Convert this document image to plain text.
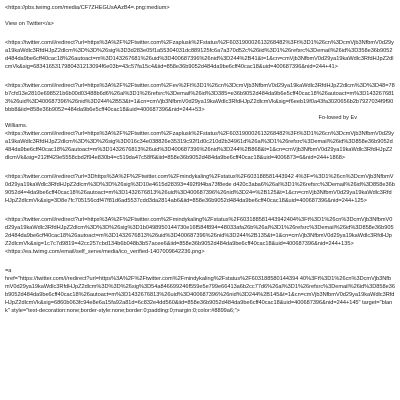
<https://pbs.twimg.com/media/CF7ZHEGUsAAzB4=.png:medium>
View on Twitter</a>
<https://twitter.com/i/redirect?url=https%3A%2F%2Ftwitter.com%2Fzaplusk%2Fstatus%2F603190002613268482%3Ft%3D1%26cn%3DcmVjb3NfbmV0d29ya19kaWdlc3RfdHJpZ2dlcm%3D%3D%26sig%3D3d283e05f1a55304031dc889125fc6a7a370d52c%26iid%3D1%26refsrc%3Demail%26id%3D358e36b9052d484da9be6cff40cac18%26autoact=m%3D143267681%26uid%3D400687396%26nid%3D244%2B41&t=1&cn=cmVjb3NfbmV0d29ya19kaWdlc3RfdHJpZ2dlcmVk&sig=6834165317980431213094f6e03b=43c57fa15c4&iid=858e36b9052d484da9be6cff40cac18&uid=400687396&nid=244+41>
<https://twitter.com/i/redirect?url=https%3A%2F%2Ftwitter.com%2Fev%2Ft%3D1%26cn%3DcmVjb3NfbmV0d29ya19kaWdlc3RfdHJpZ2dlcm%3D%3D48=78b7cfd13e2810e698521b6b00d03488b6d6%26al%3D1%26refsrc%3Demail%26id%3D385=e36b9052d484da9b6e5cff40cac18%26autoact=m%3D1432676813%26uid%3D400687396%26nid%3D244%2B53&t=1&cn=cmVjb3NfbmV0d29ya19kaWdlc3RfdHJpZ2dlcmVk&sig=f6eeb19f0a43fa3020656b2b7927034f9f90bbb8&iid=858e36b9052=484da9b6e5cff40cac18&uid=400687396&nid=244+53>
Fo-lowed by Ev
Williams.
<https://twitter.com/i/redirect?url=https%3A%2F%2Ftwitter.com%2Fzaplusk%2Fstatus%2F603190002613268482%3Ft%3D1%26cn%3DcmVjb3NfbmV0d29ya19kaWdlc3RfdHJpZ2dlcm%3D%3D%26sig%3D016c34e038826e35319c92f1d0c210d2b34961d%26al%3D1%26refsrc%3Demail%26id%3D858e36b9052d484da9be6cff40cac18%26autoact=m%3D1432676813%26uid%3D400687396%26nid%3D244%2B868&t=1&cn=cmVjb3NfbmV0d29ya19kaWdlc3RfdHJpZ2dlcmVk&sig=212ff429e5558cbd2f94e830b4=c519da47c58f6&iid=858e36b9052d484da9be6cff40cac18&uid=4006873=6&nid=244+1868>
<https://twitter.com/i/redirect?url=3Dhttps%3A%2F%2Ftwitter.com%2Fmindykaling%2Fstatus%2F603188581443942 4%3F=%3D1%26cn%3DcmVjb3NfbmV0d29ya19kaWdlc3RfdHJpZ2dlcm%3D%3D%26sig%3D10e4615d28393=492f9f4ba73f8ede d420c3aba6%26al%3D1%26refsrc%3Demail%26id%3D858e36b9052d4=4da9be6cff40cac18%26autoact=m%3D1432676813%26uid%3D400687396%26nid%3D24=%2B125&t=1&cn=cmVjb3NfbmV0d29ya19kaWdlc3RfdHJpZ2dlcmVk&sig=3D8e7fc705156cdf47f81d6ad5537cdd3da2814ab6&iid=858e36b9052d484da9be6cff40cac18&uid=400687396&nid=244+125>
<https://twitter.com/i/redirect?url=https%3A%2F%2Ftwitter.com%2Fmindykaling%2Fstatus%2F603188581443942404%3Ft%3D1%26cn%3DcmVjb3NfbmV0d29ya19kaWdlc3RfdHJpZ2dlcm%3D%3D%26sig%3D1b0498950144730e16f584f894=48033afa26b%26al%3D1%26refsrc%3Demail%26id%3D858e36b9052d484da9be6cff40cac18%26autoact=m%3D1432676813%26uid%3D400687396%26nid%3D244%2B135&t=1&cn=cmVjb3NfbmV0d29ya19kaWdlc3RfdHJpZ2dlcmVk&sig=1c7c7d9819=42cc257cbd134b6b048b3b57acee6&iid=858e36b9052d484da9be6cff40cac18&uid=400687396&nid=244+135>
<https://ea.twimg.com/email/self_serve/media/ico_verified-1407009642236.png>
=a
href="https://twitter.com/i/redirect?url=https%3A%2F%2Ftwitter.com%2Fmindykaling%2Fstatus%2F603188580144394 40%3Ft%3D1%26cn%3DcmVjb3NfbmV0d29ya19kaWdlc3RfdHJpZ2dlcm%3D%3D%26sig%3D54a846699246f559e5e799e66413a6b2cc77d6%26al%3D1%26refsrc%3Demail%26id%3D858e36b9052d484da9be6cff40cac18%26autoact=m%3D1432676813%26uid%3D400687396%26nid%3D244%2B145&t=1&cn=cmVjb3NfbmV0d29ya19kaWdlc3RfdHJpZ2dlcmVk&sig=6860b063fc94e8e6a15fa92a81d=6c832e4dd560&iid=858e36b9052d484da9be6cff40cac18&uid=400687396&nid=244+145" target="blank" style="text-decoration:none;border-style:none;border:0;padding:0;margin:0;color:#8899a6;">
